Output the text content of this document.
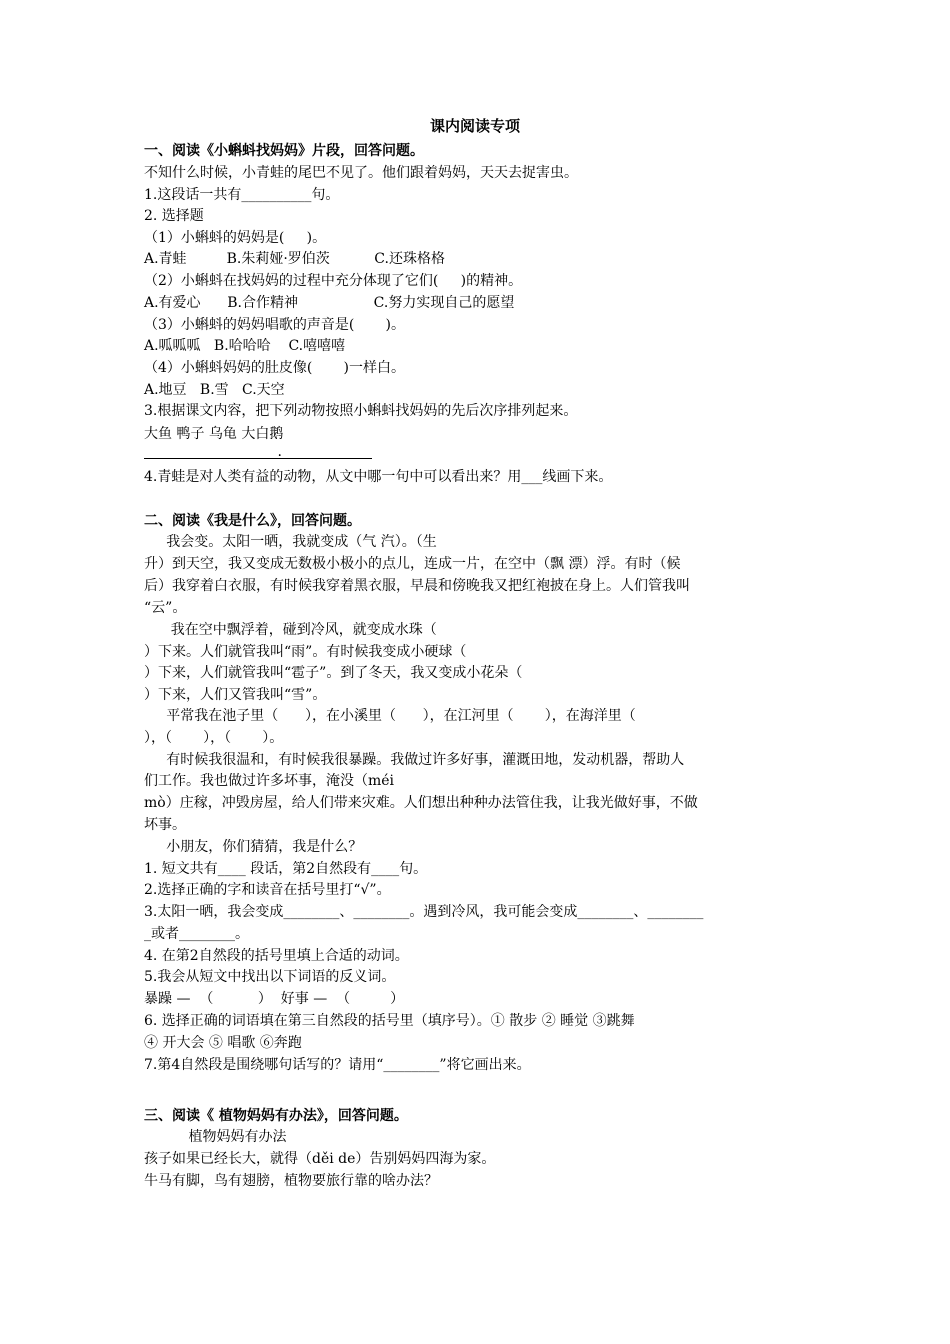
课内阅读专项
一、阅读《小蝌蚪找妈妈》片段，回答问题。
不知什么时候，小青蛙的尾巴不见了。他们跟着妈妈，天天去捉害虫。
1.这段话一共有__________句。
2. 选择题
（1）小蝌蚪的妈妈是(     )。
A.青蛙         B.朱莉娅·罗伯茨          C.还珠格格
（2）小蝌蚪在找妈妈的过程中充分体现了它们(     )的精神。
A.有爱心      B.合作精神                 C.努力实现自己的愿望
（3）小蝌蚪的妈妈唱歌的声音是(       )。
A.呱呱呱   B.哈哈哈    C.嘻嘻嘻
（4）小蝌蚪妈妈的肚皮像(       )一样白。
A.地豆   B.雪   C.天空
3.根据课文内容，把下列动物按照小蝌蚪找妈妈的先后次序排列起来。
大鱼 鸭子 乌龟 大白鹅
.
4.青蛙是对人类有益的动物，从文中哪一句中可以看出来？用___线画下来。
二、阅读《我是什么》，回答问题。
我会变。太阳一晒，我就变成（气 汽）。（生
升）到天空，我又变成无数极小极小的点儿，连成一片，在空中（飘 漂）浮。有时（候
后）我穿着白衣服，有时候我穿着黑衣服，早晨和傍晚我又把红袍披在身上。人们管我叫
“云”。
我在空中飘浮着，碰到冷风，就变成水珠（
）下来。人们就管我叫“雨”。有时候我变成小硬球（
）下来，人们就管我叫“雹子”。到了冬天，我又变成小花朵（
）下来，人们又管我叫“雪”。
平常我在池子里（      ），在小溪里（      ），在江河里（       ），在海洋里（
），（       ），（       ）。
有时候我很温和，有时候我很暴躁。我做过许多好事，灌溉田地，发动机器，帮助人
们工作。我也做过许多坏事，淹没（méi
mò）庄稼，冲毁房屋，给人们带来灾难。人们想出种种办法管住我，让我光做好事，不做
坏事。
小朋友，你们猜猜，我是什么？
1. 短文共有____ 段话，第2自然段有____句。
2.选择正确的字和读音在括号里打“√”。
3.太阳一晒，我会变成________、________。遇到冷风，我可能会变成________、________
_或者________。
4. 在第2自然段的括号里填上合适的动词。
5.我会从短文中找出以下词语的反义词。
暴躁 —  （          ）  好事 —  （         ）
6. 选择正确的词语填在第三自然段的括号里（填序号）。① 散步 ② 睡觉 ③跳舞
④ 开大会 ⑤ 唱歌 ⑥奔跑
7.第4自然段是围绕哪句话写的？请用“________”将它画出来。
三、阅读《 植物妈妈有办法》，回答问题。
植物妈妈有办法
孩子如果已经长大，就得（děi de）告别妈妈四海为家。
牛马有脚，鸟有翅膀，植物要旅行靠的啥办法？
